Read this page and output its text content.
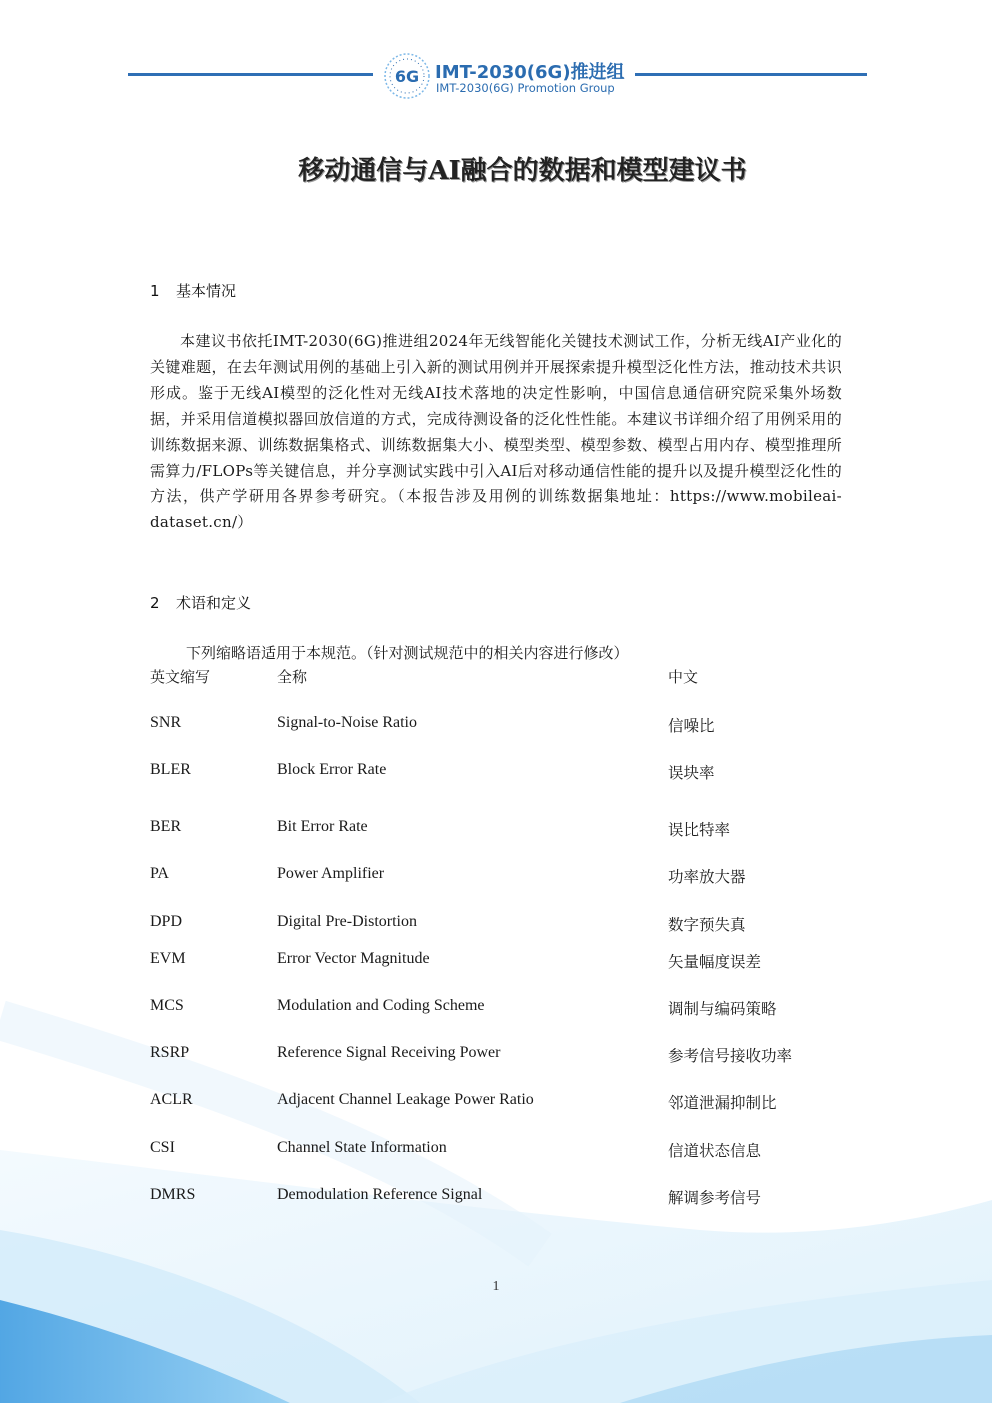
6G IMT-2030(6G)推进组
IMT-2030(6G) Promotion Group
移动通信与AI融合的数据和模型建议书
1 基本情况
本建议书依托IMT-2030(6G)推进组2024年无线智能化关键技术测试工作，分析无线AI产业化的关键难题，在去年测试用例的基础上引入新的测试用例并开展探索提升模型泛化性方法，推动技术共识形成。鉴于无线AI模型的泛化性对无线AI技术落地的决定性影响，中国信息通信研究院采集外场数据，并采用信道模拟器回放信道的方式，完成待测设备的泛化性性能。本建议书详细介绍了用例采用的训练数据来源、训练数据集格式、训练数据集大小、模型类型、模型参数、模型占用内存、模型推理所需算力/FLOPs等关键信息，并分享测试实践中引入AI后对移动通信性能的提升以及提升模型泛化性的方法，供产学研用各界参考研究。（本报告涉及用例的训练数据集地址：https://www.mobileai-dataset.cn/）
2 术语和定义
下列缩略语适用于本规范。（针对测试规范中的相关内容进行修改）
英文缩写	全称	中文
SNR	Signal-to-Noise Ratio	信噪比
BLER	Block Error Rate	误块率
BER	Bit Error Rate	误比特率
PA	Power Amplifier	功率放大器
DPD	Digital Pre-Distortion	数字预失真
EVM	Error Vector Magnitude	矢量幅度误差
MCS	Modulation and Coding Scheme	调制与编码策略
RSRP	Reference Signal Receiving Power	参考信号接收功率
ACLR	Adjacent Channel Leakage Power Ratio	邻道泄漏抑制比
CSI	Channel State Information	信道状态信息
DMRS	Demodulation Reference Signal	解调参考信号
1
